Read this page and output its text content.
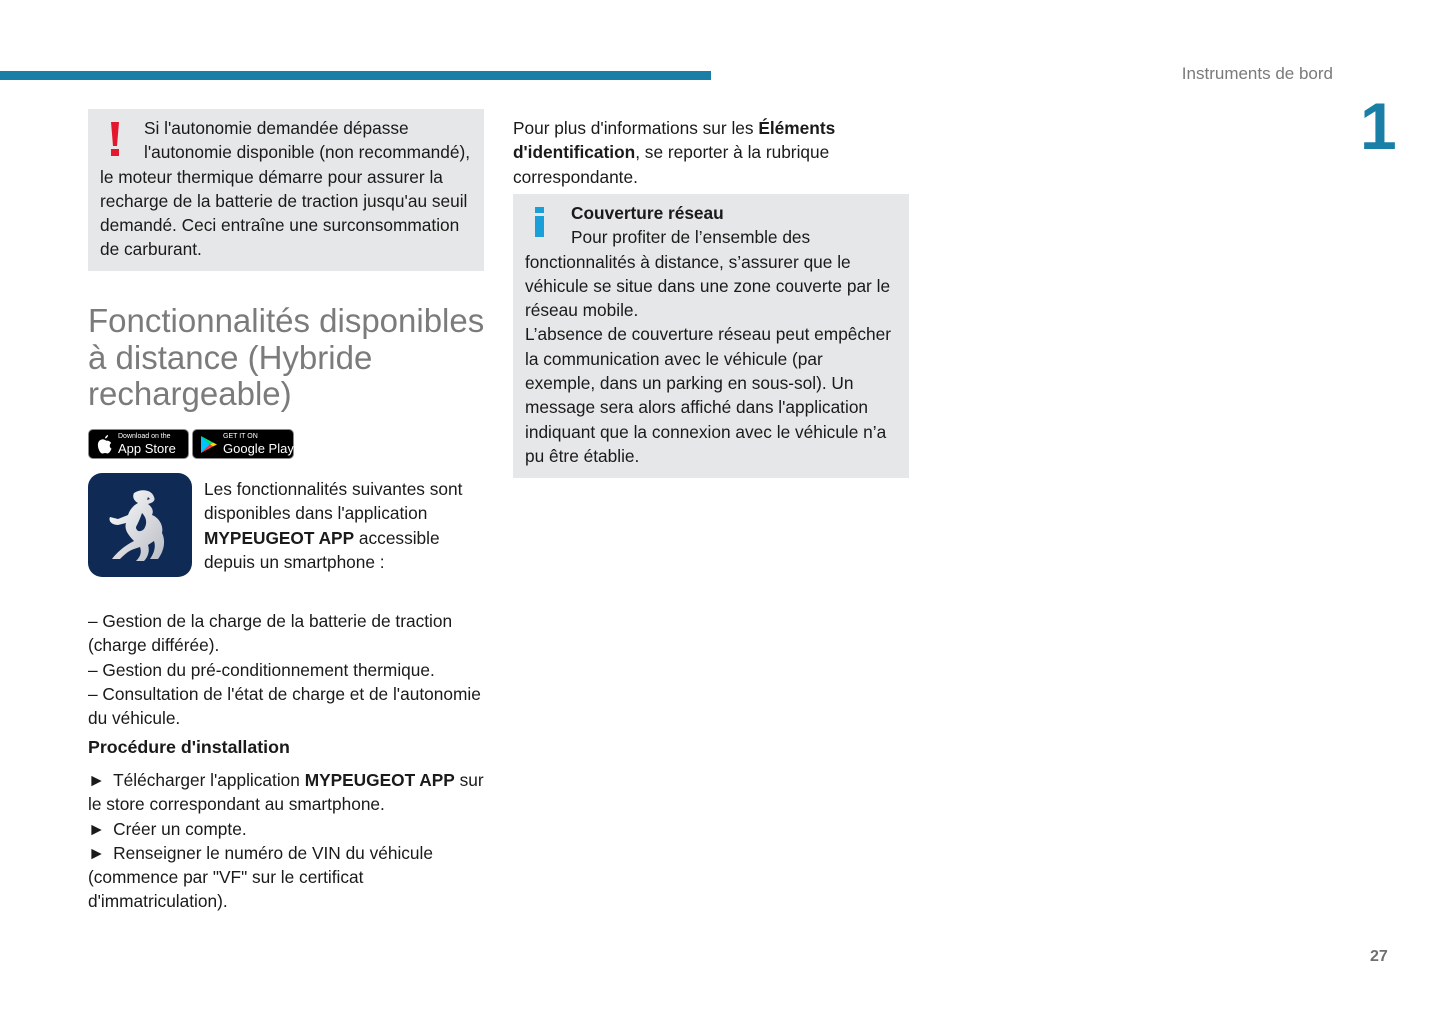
Instruments de bord
1
Si l'autonomie demandée dépasse l'autonomie disponible (non recommandé), le moteur thermique démarre pour assurer la recharge de la batterie de traction jusqu'au seuil demandé. Ceci entraîne une surconsommation de carburant.
Fonctionnalités disponibles à distance (Hybride rechargeable)
Download on the
App Store
GET IT ON
Google Play
Les fonctionnalités suivantes sont disponibles dans l'application MYPEUGEOT APP accessible depuis un smartphone :

– Gestion de la charge de la batterie de traction (charge différée).

– Gestion du pré-conditionnement thermique.

– Consultation de l'état de charge et de l'autonomie du véhicule.

Procédure d'installation

► Télécharger l'application MYPEUGEOT APP sur le store correspondant au smartphone.

► Créer un compte.

► Renseigner le numéro de VIN du véhicule (commence par "VF" sur le certificat d'immatriculation).

Pour plus d'informations sur les Éléments d'identification, se reporter à la rubrique correspondante.
Couverture réseau
Pour profiter de l’ensemble des fonctionnalités à distance, s’assurer que le véhicule se situe dans une zone couverte par le réseau mobile.
L’absence de couverture réseau peut empêcher la communication avec le véhicule (par exemple, dans un parking en sous-sol). Un message sera alors affiché dans l'application indiquant que la connexion avec le véhicule n’a pu être établie.
27
